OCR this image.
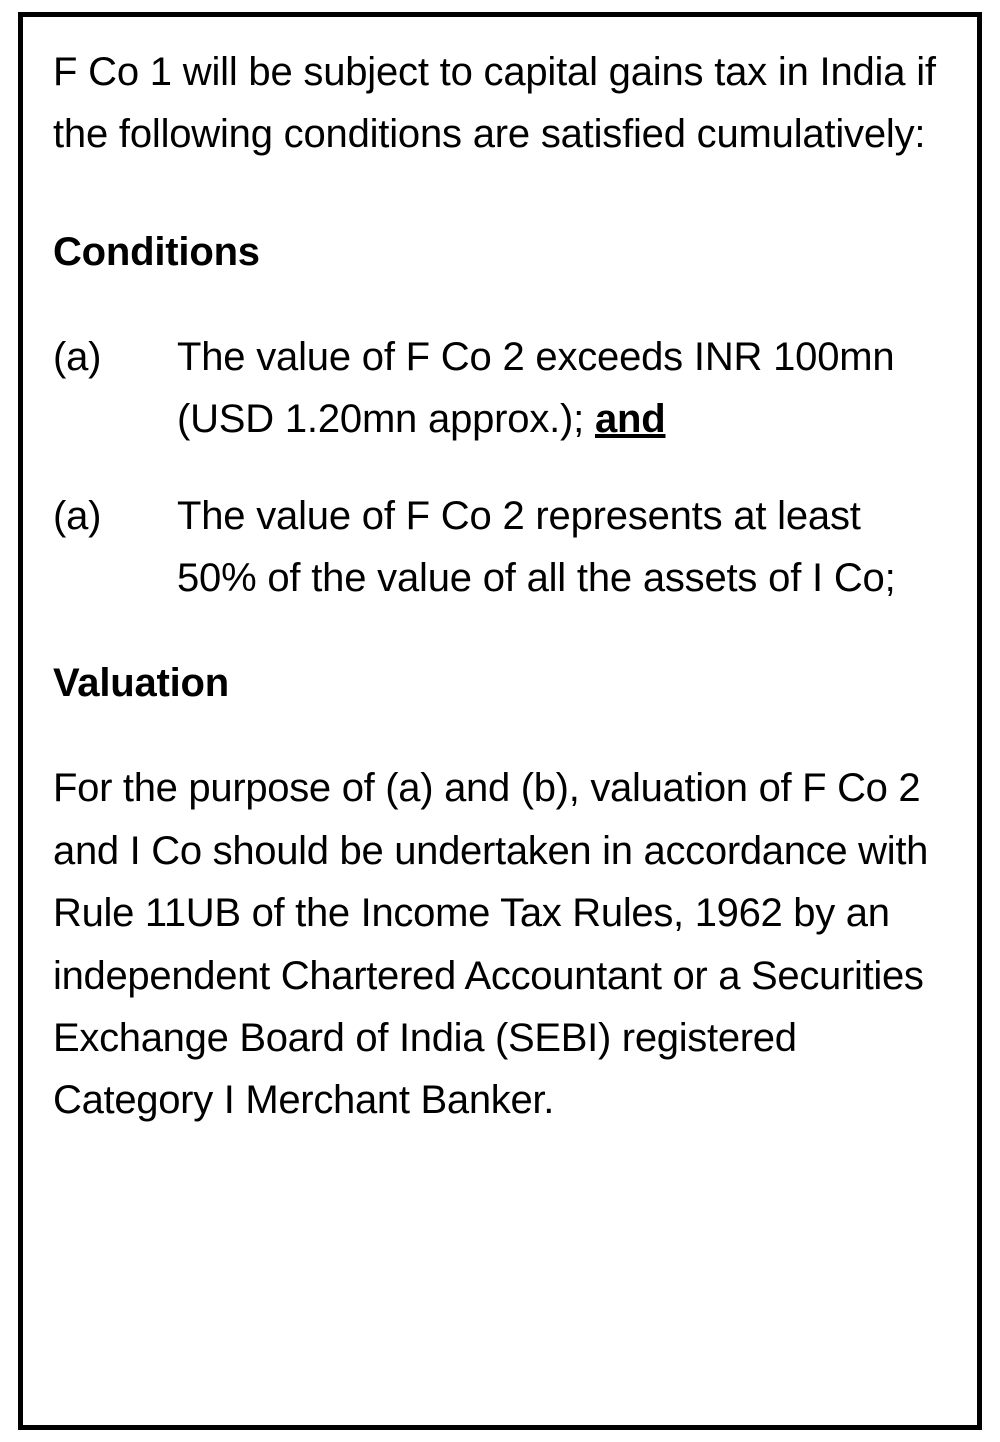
F Co 1 will be subject to capital gains tax in India if the following conditions are satisfied cumulatively:

Conditions

(a)	The value of F Co 2 exceeds INR 100mn (USD 1.20mn approx.); and
(a)	The value of F Co 2 represents at least 50% of the value of all the assets of I Co;

Valuation

For the purpose of (a) and (b), valuation of F Co 2 and I Co should be undertaken in accordance with Rule 11UB of the Income Tax Rules, 1962 by an independent Chartered Accountant or a Securities Exchange Board of India (SEBI) registered Category I Merchant Banker.
